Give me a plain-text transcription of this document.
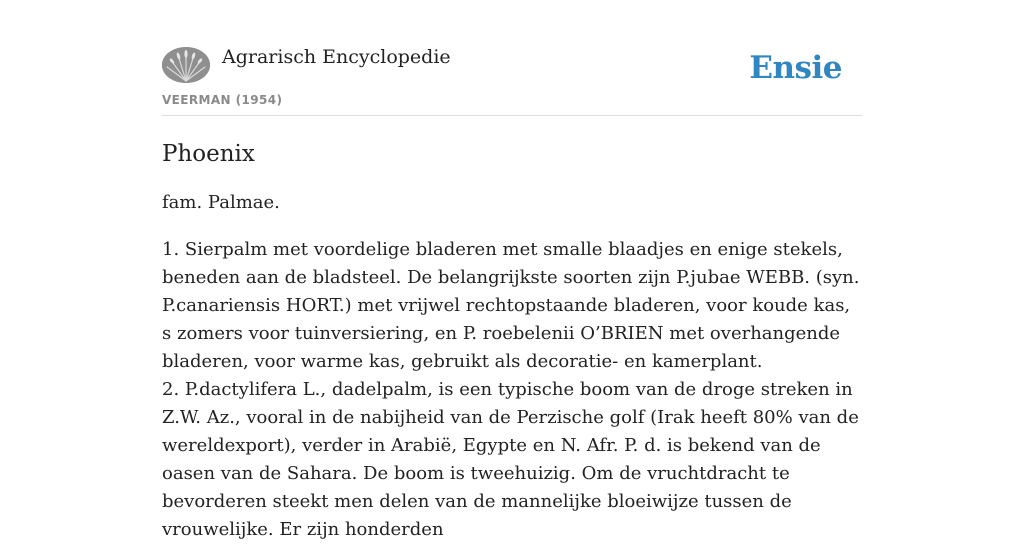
Agrarisch Encyclopedie
VEERMAN (1954)
Ensie
Phoenix

fam. Palmae.

1. Sierpalm met voordelige bladeren met smalle blaadjes en enige stekels, beneden aan de bladsteel. De belangrijkste soorten zijn P.jubae WEBB. (syn. P.canariensis HORT.) met vrijwel rechtopstaande bladeren, voor koude kas, s zomers voor tuinversiering, en P. roebelenii O’BRIEN met overhangende bladeren, voor warme kas, gebruikt als decoratie- en kamerplant.

2. P.dactylifera L., dadelpalm, is een typische boom van de droge streken in Z.W. Az., vooral in de nabijheid van de Perzische golf (Irak heeft 80% van de wereldexport), verder in Arabië, Egypte en N. Afr. P. d. is bekend van de oasen van de Sahara. De boom is tweehuizig. Om de vruchtdracht te bevorderen steekt men delen van de mannelijke bloeiwijze tussen de vrouwelijke. Er zijn honderden
